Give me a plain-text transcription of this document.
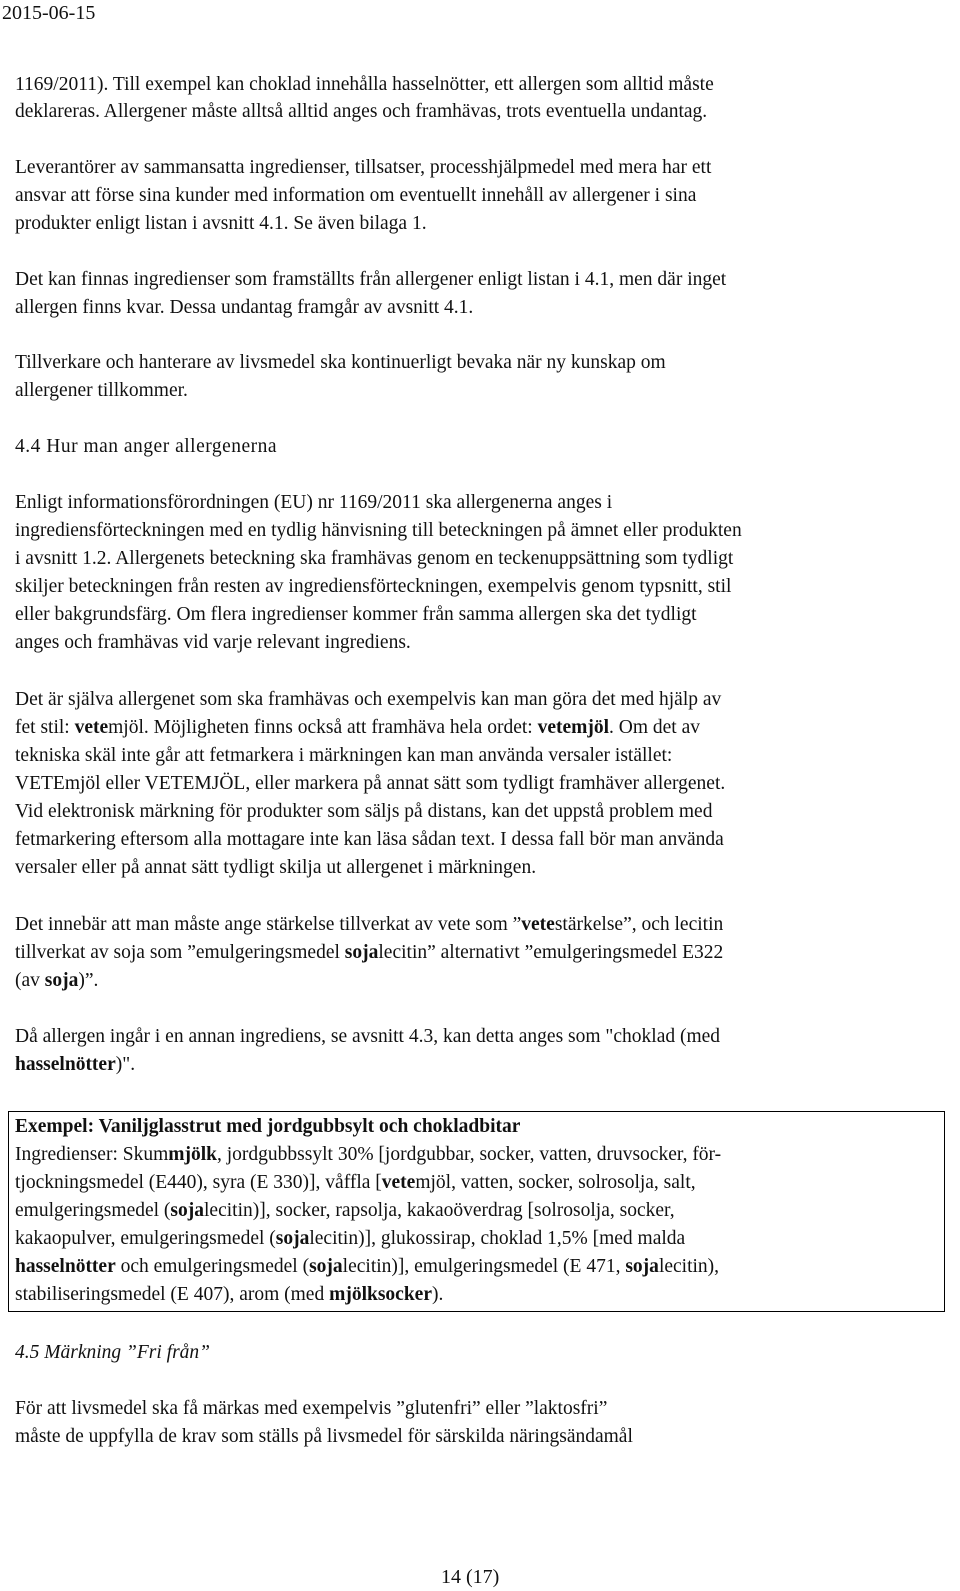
2015-06-15
1169/2011). Till exempel kan choklad innehålla hasselnötter, ett allergen som alltid måste
deklareras. Allergener måste alltså alltid anges och framhävas, trots eventuella undantag.
Leverantörer av sammansatta ingredienser, tillsatser, processhjälpmedel med mera har ett
ansvar att förse sina kunder med information om eventuellt innehåll av allergener i sina
produkter enligt listan i avsnitt 4.1. Se även bilaga 1.
Det kan finnas ingredienser som framställts från allergener enligt listan i 4.1, men där inget
allergen finns kvar. Dessa undantag framgår av avsnitt 4.1.
Tillverkare och hanterare av livsmedel ska kontinuerligt bevaka när ny kunskap om
allergener tillkommer.
4.4 Hur man anger allergenerna
Enligt informationsförordningen (EU) nr 1169/2011 ska allergenerna anges i
ingrediensförteckningen med en tydlig hänvisning till beteckningen på ämnet eller produkten
i avsnitt 1.2. Allergenets beteckning ska framhävas genom en teckenuppsättning som tydligt
skiljer beteckningen från resten av ingrediensförteckningen, exempelvis genom typsnitt, stil
eller bakgrundsfärg. Om flera ingredienser kommer från samma allergen ska det tydligt
anges och framhävas vid varje relevant ingrediens.
Det är själva allergenet som ska framhävas och exempelvis kan man göra det med hjälp av
fet stil: vetemjöl. Möjligheten finns också att framhäva hela ordet: vetemjöl. Om det av
tekniska skäl inte går att fetmarkera i märkningen kan man använda versaler istället:
VETEmjöl eller VETEMJÖL, eller markera på annat sätt som tydligt framhäver allergenet.
Vid elektronisk märkning för produkter som säljs på distans, kan det uppstå problem med
fetmarkering eftersom alla mottagare inte kan läsa sådan text. I dessa fall bör man använda
versaler eller på annat sätt tydligt skilja ut allergenet i märkningen.
Det innebär att man måste ange stärkelse tillverkat av vete som ”vetestärkelse”, och lecitin
tillverkat av soja som ”emulgeringsmedel sojalecitin” alternativt ”emulgeringsmedel E322
(av soja)”.
Då allergen ingår i en annan ingrediens, se avsnitt 4.3, kan detta anges som "choklad (med
hasselnötter)".
Exempel: Vaniljglasstrut med jordgubbsylt och chokladbitar
Ingredienser: Skummjölk, jordgubbssylt 30% [jordgubbar, socker, vatten, druvsocker, för-
tjockningsmedel (E440), syra (E 330)], våffla [vetemjöl, vatten, socker, solrosolja, salt,
emulgeringsmedel (sojalecitin)], socker, rapsolja, kakaoöverdrag [solrosolja, socker,
kakaopulver, emulgeringsmedel (sojalecitin)], glukossirap, choklad 1,5% [med malda
hasselnötter och emulgeringsmedel (sojalecitin)], emulgeringsmedel (E 471, sojalecitin),
stabiliseringsmedel (E 407), arom (med mjölksocker).
4.5 Märkning ”Fri från”
För att livsmedel ska få märkas med exempelvis ”glutenfri” eller ”laktosfri”
måste de uppfylla de krav som ställs på livsmedel för särskilda näringsändamål
14 (17)
